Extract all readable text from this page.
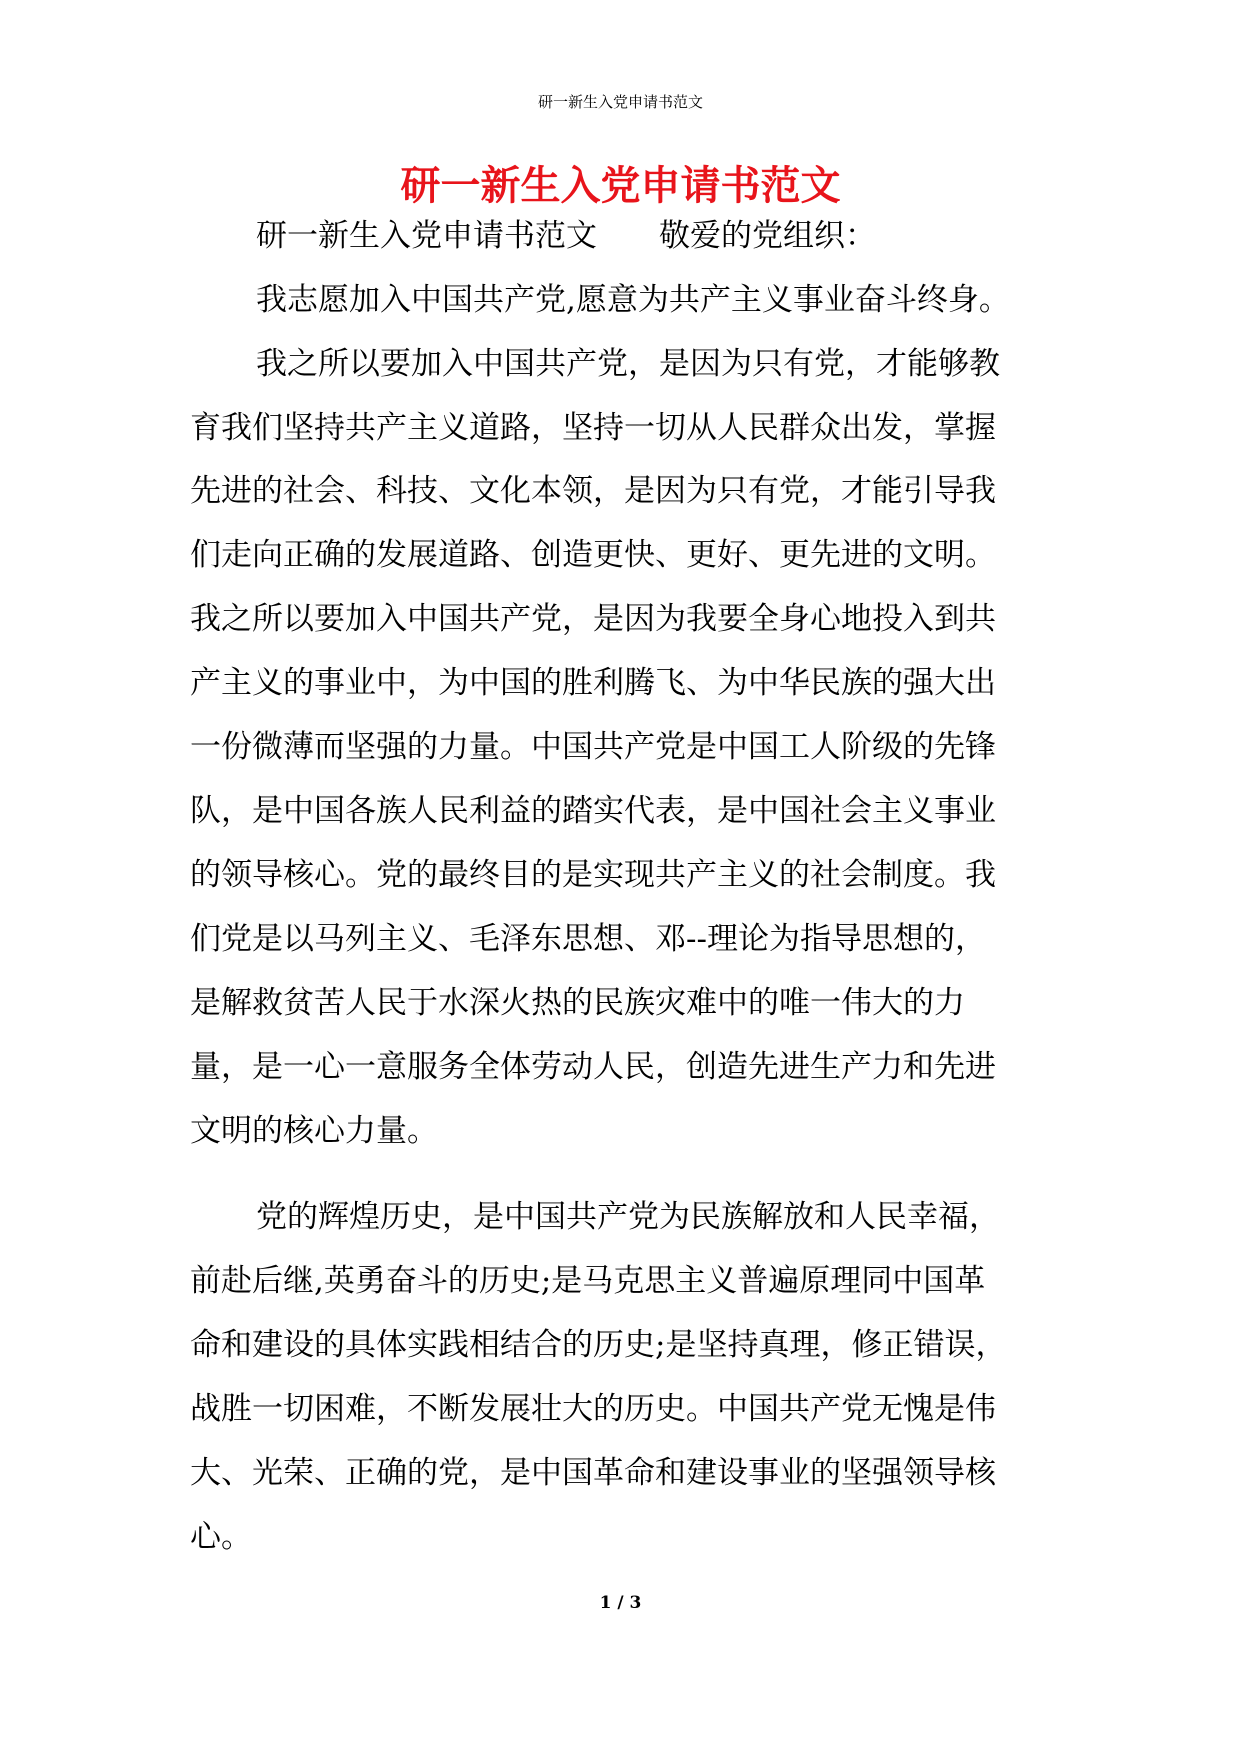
研一新生入党申请书范文
研一新生入党申请书范文

研一新生入党申请书范文　　敬爱的党组织：

我志愿加入中国共产党,愿意为共产主义事业奋斗终身。

我之所以要加入中国共产党，是因为只有党，才能够教

育我们坚持共产主义道路，坚持一切从人民群众出发，掌握

先进的社会、科技、文化本领，是因为只有党，才能引导我

们走向正确的发展道路、创造更快、更好、更先进的文明。

我之所以要加入中国共产党，是因为我要全身心地投入到共

产主义的事业中，为中国的胜利腾飞、为中华民族的强大出

一份微薄而坚强的力量。中国共产党是中国工人阶级的先锋

队，是中国各族人民利益的踏实代表，是中国社会主义事业

的领导核心。党的最终目的是实现共产主义的社会制度。我

们党是以马列主义、毛泽东思想、邓--理论为指导思想的，

是解救贫苦人民于水深火热的民族灾难中的唯一伟大的力

量，是一心一意服务全体劳动人民，创造先进生产力和先进

文明的核心力量。

党的辉煌历史，是中国共产党为民族解放和人民幸福，

前赴后继,英勇奋斗的历史;是马克思主义普遍原理同中国革

命和建设的具体实践相结合的历史;是坚持真理，修正错误，

战胜一切困难，不断发展壮大的历史。中国共产党无愧是伟

大、光荣、正确的党，是中国革命和建设事业的坚强领导核

心。

1 / 3
